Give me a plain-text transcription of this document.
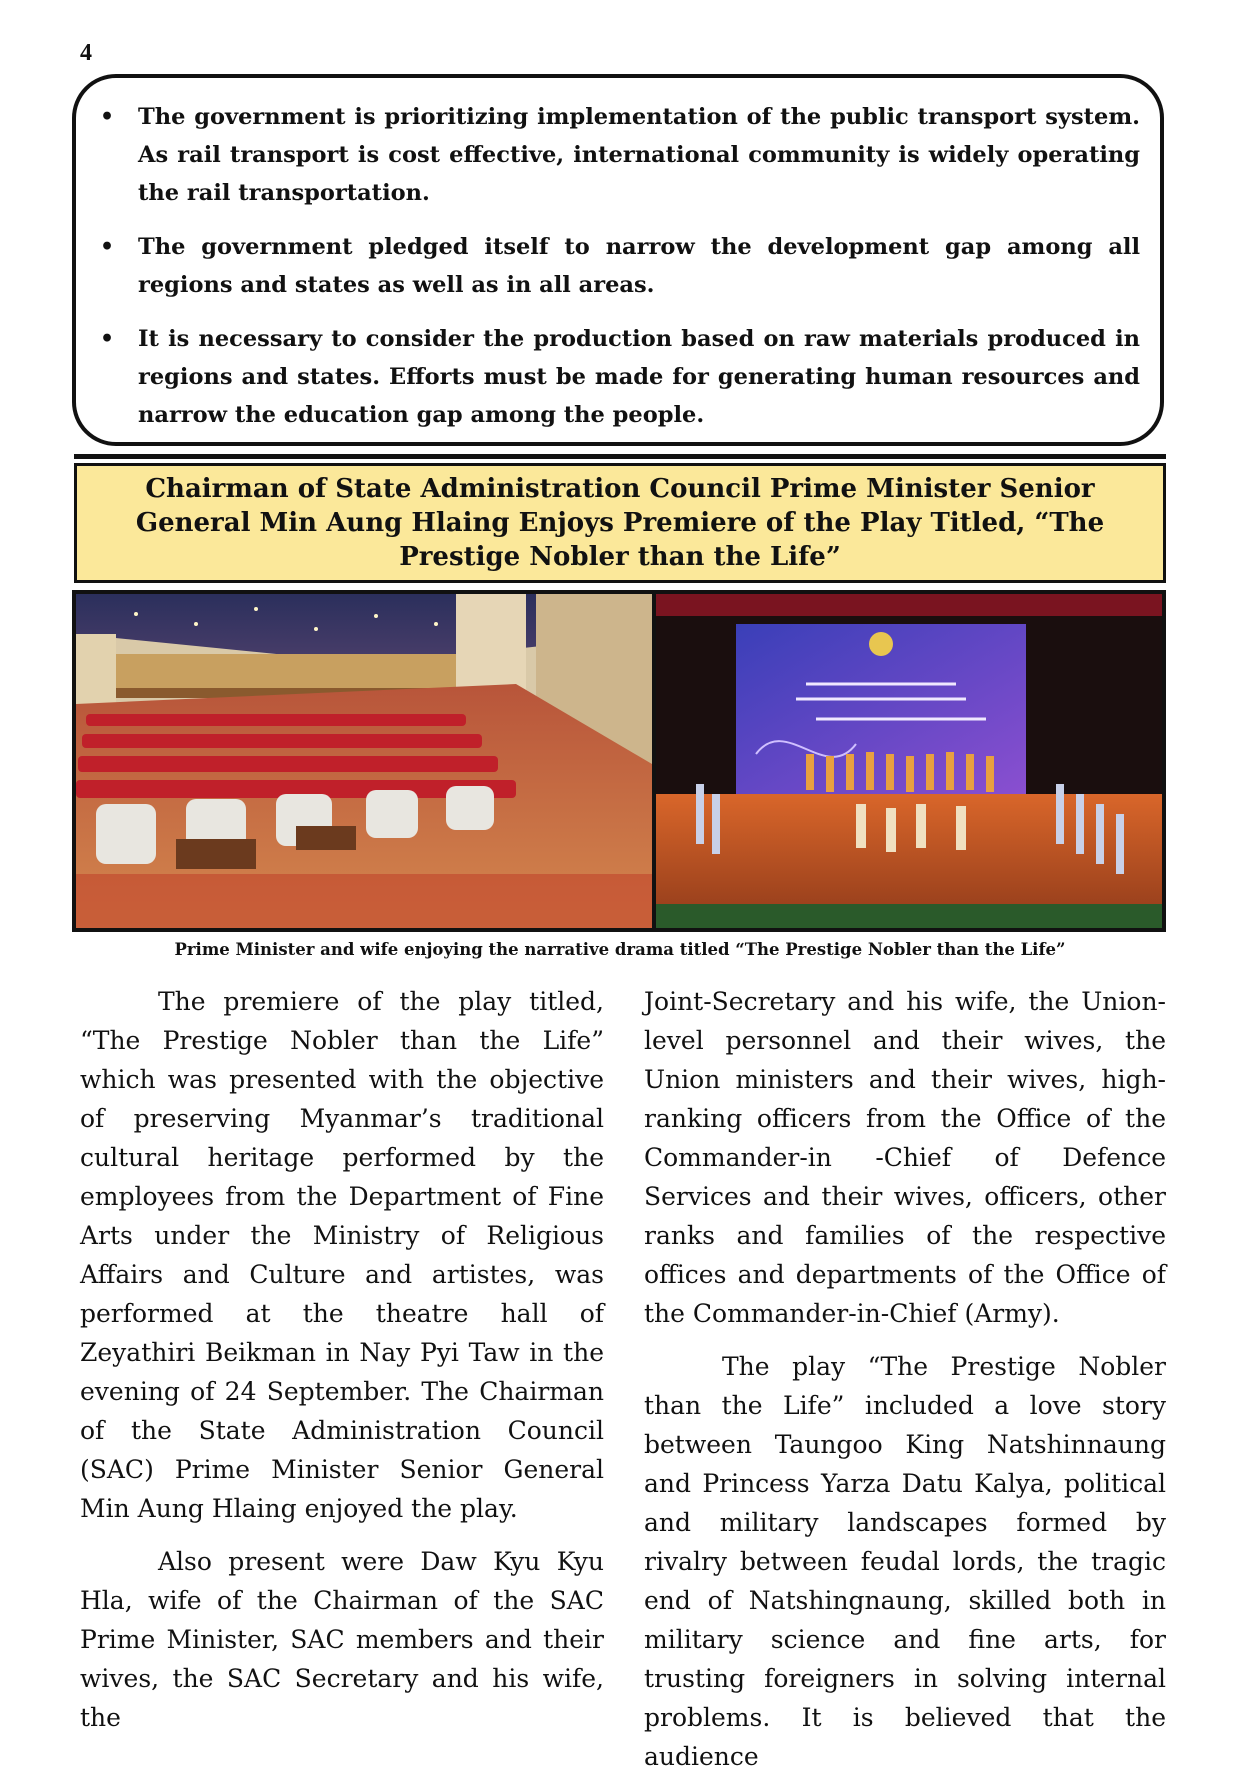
4
• The government is prioritizing implementation of the public transport system. As rail transport is cost effective, international community is widely operating the rail transportation.
• The government pledged itself to narrow the development gap among all regions and states as well as in all areas.
• It is necessary to consider the production based on raw materials produced in regions and states. Efforts must be made for generating human resources and narrow the education gap among the people.
Chairman of State Administration Council Prime Minister Senior General Min Aung Hlaing Enjoys Premiere of the Play Titled, “The Prestige Nobler than the Life”
Prime Minister and wife enjoying the narrative drama titled “The Prestige Nobler than the Life”

The premiere of the play titled, “The Prestige Nobler than the Life” which was presented with the objective of preserving Myanmar’s traditional cultural heritage performed by the employees from the Department of Fine Arts under the Ministry of Religious Affairs and Culture and artistes, was performed at the theatre hall of Zeyathiri Beikman in Nay Pyi Taw in the evening of 24 September. The Chairman of the State Administration Council (SAC) Prime Minister Senior General Min Aung Hlaing enjoyed the play.

Also present were Daw Kyu Kyu Hla, wife of the Chairman of the SAC Prime Minister, SAC members and their wives, the SAC Secretary and his wife, the

Joint-Secretary and his wife, the Union-level personnel and their wives, the Union ministers and their wives, high-ranking officers from the Office of the Commander-in -Chief of Defence Services and their wives, officers, other ranks and families of the respective offices and departments of the Office of the Commander-in-Chief (Army).

The play “The Prestige Nobler than the Life” included a love story between Taungoo King Natshinnaung and Princess Yarza Datu Kalya, political and military landscapes formed by rivalry between feudal lords, the tragic end of Natshingnaung, skilled both in military science and fine arts, for trusting foreigners in solving internal problems. It is believed that the audience
